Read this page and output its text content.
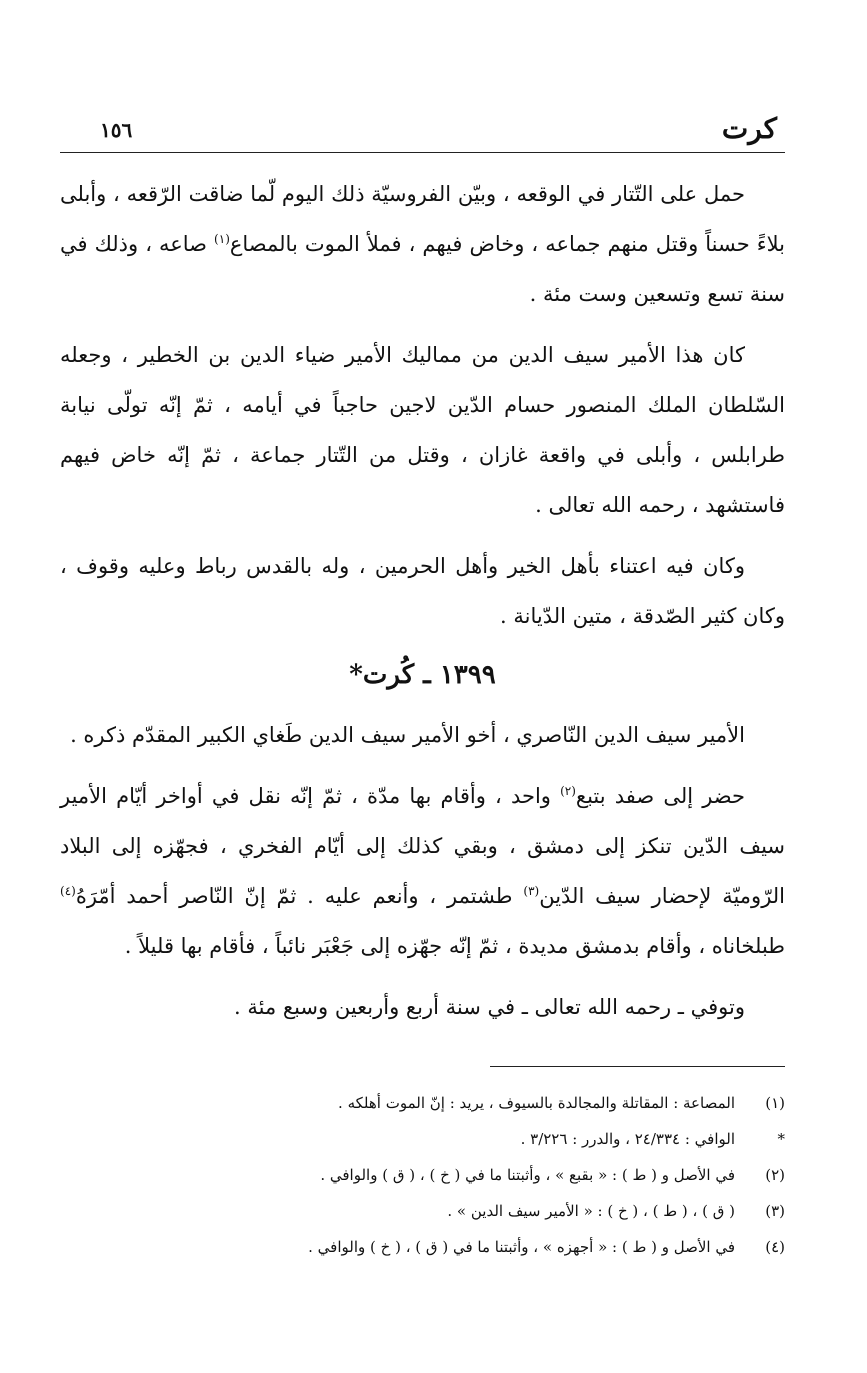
كرت
١٥٦

حمل على التّتار في الوقعه ، وبيّن الفروسيّة ذلك اليوم لّما ضاقت الرّقعه ، وأبلى بلاءً حسناً وقتل منهم جماعه ، وخاض فيهم ، فملأ الموت بالمصاع$^{(١)}$ صاعه ، وذلك في سنة تسع وتسعين وست مئة .

كان هذا الأمير سيف الدين من مماليك الأمير ضياء الدين بن الخطير ، وجعله السّلطان الملك المنصور حسام الدّين لاجين حاجباً في أيامه ، ثمّ إنّه تولّى نيابة طرابلس ، وأبلى في واقعة غازان ، وقتل من التّتار جماعة ، ثمّ إنّه خاض فيهم فاستشهد ، رحمه الله تعالى .

وكان فيه اعتناء بأهل الخير وأهل الحرمين ، وله بالقدس رباط وعليه وقوف ، وكان كثير الصّدقة ، متين الدّيانة .

١٣٩٩ ـ كُرت*

الأمير سيف الدين النّاصري ، أخو الأمير سيف الدين طَغاي الكبير المقدّم ذكره .

حضر إلى صفد بتبع$^{(٢)}$ واحد ، وأقام بها مدّة ، ثمّ إنّه نقل في أواخر أيّام الأمير سيف الدّين تنكز إلى دمشق ، وبقي كذلك إلى أيّام الفخري ، فجهّزه إلى البلاد الرّوميّة لإحضار سيف الدّين$^{(٣)}$ طشتمر ، وأنعم عليه . ثمّ إنّ النّاصر أحمد أمّرَهُ$^{(٤)}$ طبلخاناه ، وأقام بدمشق مديدة ، ثمّ إنّه جهّزه إلى جَعْبَر نائباً ، فأقام بها قليلاً .

وتوفي ـ رحمه الله تعالى ـ في سنة أربع وأربعين وسبع مئة .

(١)
المصاعة : المقاتلة والمجالدة بالسيوف ، يريد : إنّ الموت أهلكه .
*
الوافي : ٢٤/٣٣٤ ، والدرر : ٣/٢٢٦ .
(٢)
في الأصل و ( ط ) : « بقبع » ، وأثبتنا ما في ( خ ) ، ( ق ) والوافي .
(٣)
( ق ) ، ( ط ) ، ( خ ) : « الأمير سيف الدين » .
(٤)
في الأصل و ( ط ) : « أجهزه » ، وأثبتنا ما في ( ق ) ، ( خ ) والوافي .
